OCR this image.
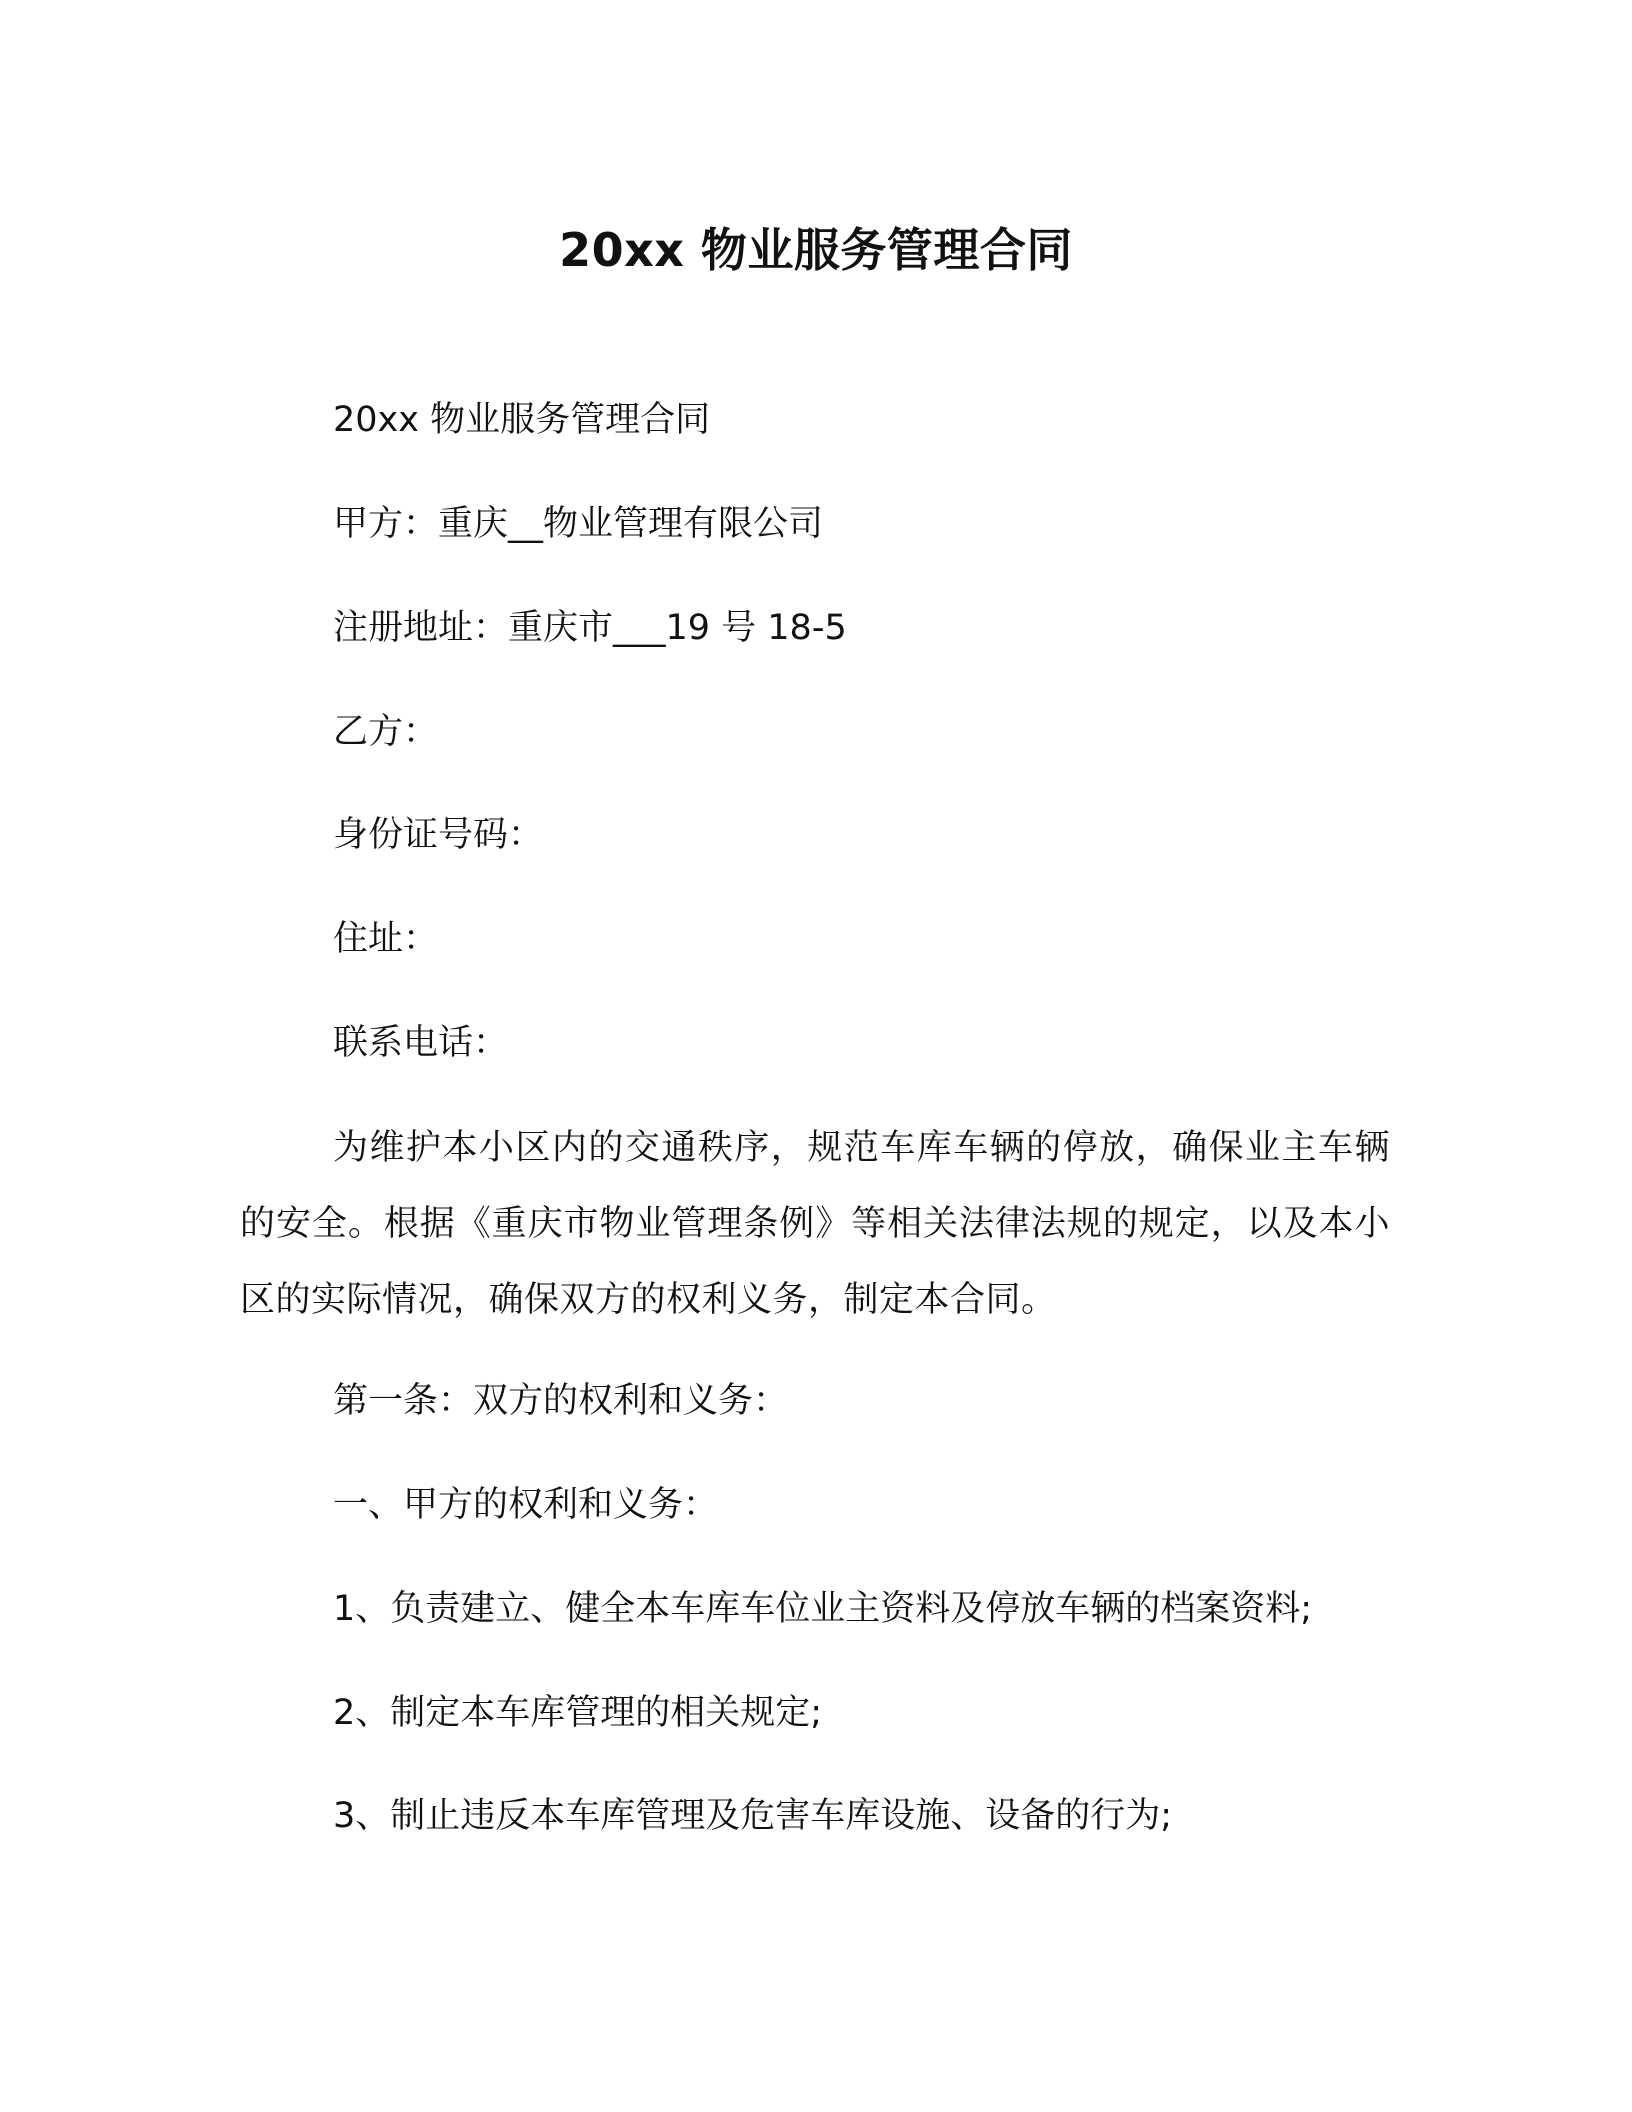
20xx 物业服务管理合同
20xx 物业服务管理合同
甲方：重庆__物业管理有限公司
注册地址：重庆市___19 号 18-5
乙方：
身份证号码：
住址：
联系电话：
为维护本小区内的交通秩序，规范车库车辆的停放，确保业主车辆的安全。根据《重庆市物业管理条例》等相关法律法规的规定，以及本小区的实际情况，确保双方的权利义务，制定本合同。
第一条：双方的权利和义务：
一、甲方的权利和义务：
1、负责建立、健全本车库车位业主资料及停放车辆的档案资料;
2、制定本车库管理的相关规定;
3、制止违反本车库管理及危害车库设施、设备的行为;
